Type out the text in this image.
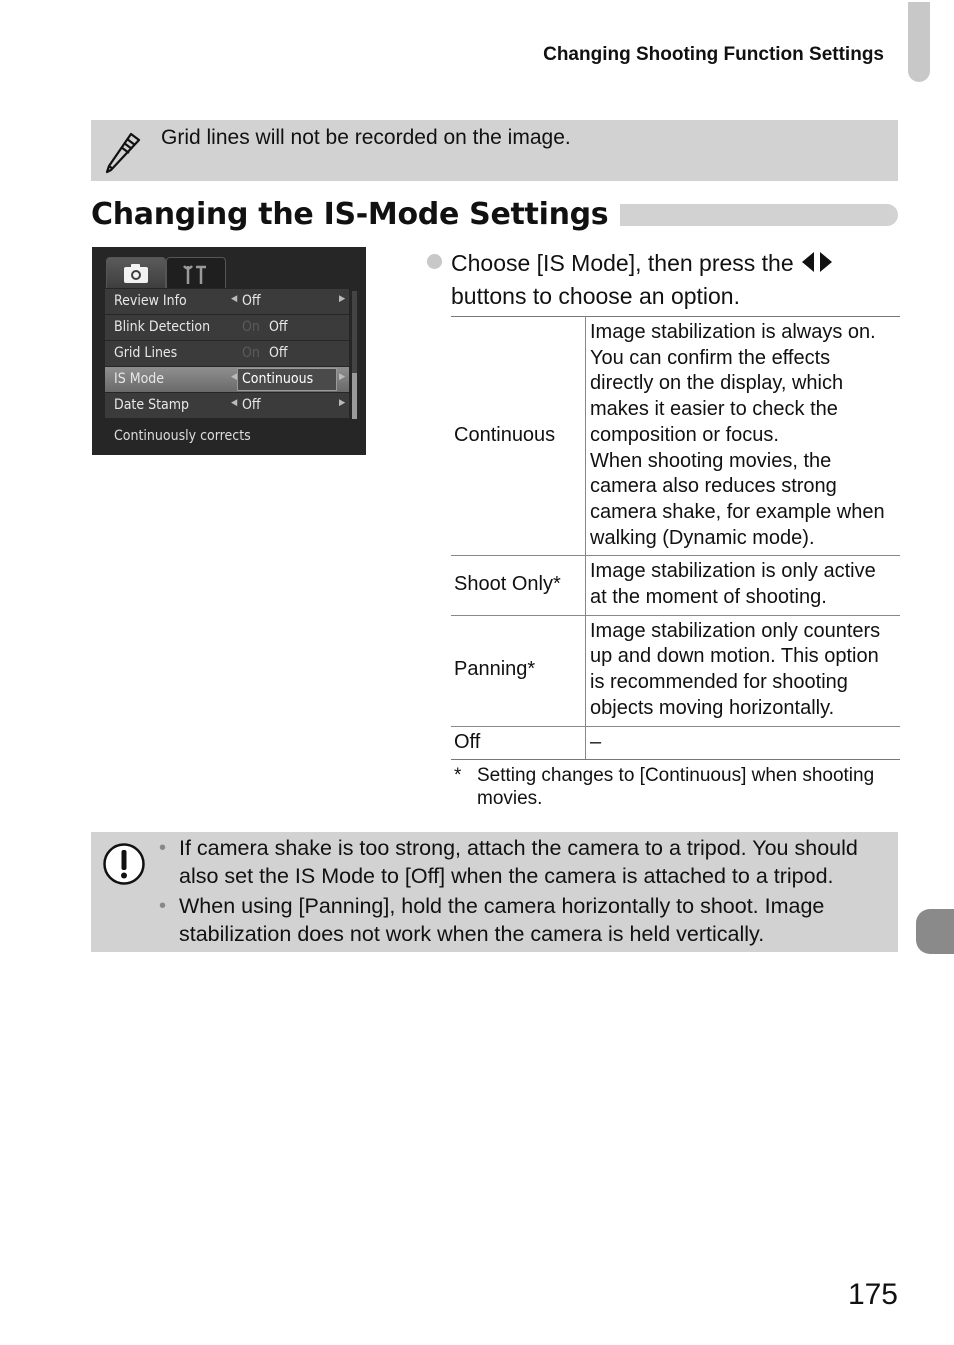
Changing Shooting Function Settings
Grid lines will not be recorded on the image.
Changing the IS-Mode Settings
Review Info	◀ Off	▶
Blink Detection On Off
Grid Lines	On Off
IS Mode	◀ Continuous	▶
Date Stamp	◀ Off	▶
Continuously corrects
Choose [IS Mode], then press the
buttons to choose an option.
Continuous	Image stabilization is always on. You can confirm the effects directly on the display, which makes it easier to check the composition or focus.
When shooting movies, the camera also reduces strong camera shake, for example when walking (Dynamic mode).
Shoot Only*	Image stabilization is only active at the moment of shooting.
Panning*	Image stabilization only counters up and down motion. This option is recommended for shooting objects moving horizontally.
Off	–
* Setting changes to [Continuous] when shooting movies.
• If camera shake is too strong, attach the camera to a tripod. You should also set the IS Mode to [Off] when the camera is attached to a tripod.
• When using [Panning], hold the camera horizontally to shoot. Image stabilization does not work when the camera is held vertically.
175
